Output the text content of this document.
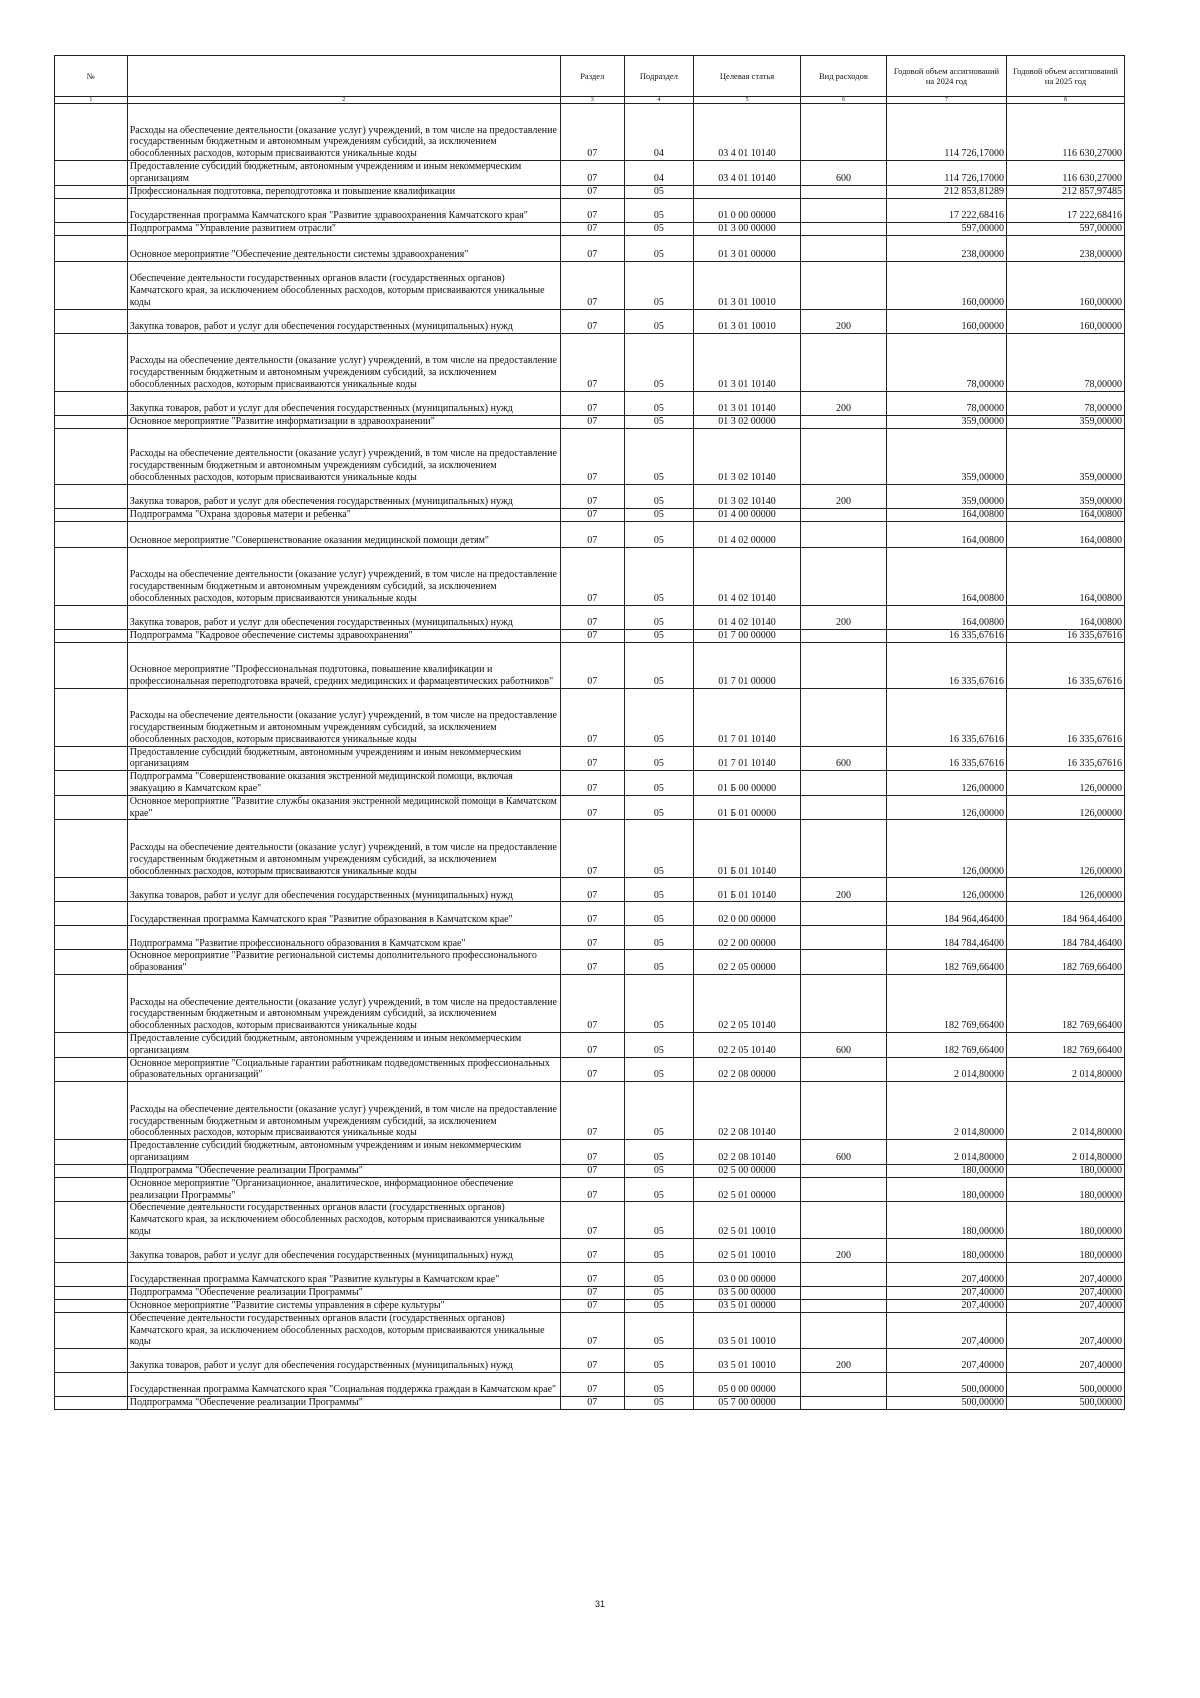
№		Раздел	Подраздел	Целевая статья	Вид расходов	Годовой объем ассигнований на 2024 год	Годовой объем ассигнований на 2025 год
1	2	3	4	5	6	7	8
	Расходы на обеспечение деятельности (оказание услуг) учреждений, в том числе на предоставление государственным бюджетным и автономным учреждениям субсидий, за исключением обособленных расходов, которым присваиваются уникальные коды	07	04	03 4 01 10140		114 726,17000	116 630,27000
	Предоставление субсидий бюджетным, автономным учреждениям и иным некоммерческим организациям	07	04	03 4 01 10140	600	114 726,17000	116 630,27000
	Профессиональная подготовка, переподготовка и повышение квалификации	07	05			212 853,81289	212 857,97485
	Государственная программа Камчатского края "Развитие здравоохранения Камчатского края"	07	05	01 0 00 00000		17 222,68416	17 222,68416
	Подпрограмма "Управление развитием отрасли"	07	05	01 3 00 00000		597,00000	597,00000
	Основное мероприятие "Обеспечение деятельности системы здравоохранения"	07	05	01 3 01 00000		238,00000	238,00000
	Обеспечение деятельности государственных органов власти (государственных органов) Камчатского края, за исключением обособленных расходов, которым присваиваются уникальные коды	07	05	01 3 01 10010		160,00000	160,00000
	Закупка товаров, работ и услуг для обеспечения государственных (муниципальных) нужд	07	05	01 3 01 10010	200	160,00000	160,00000
	Расходы на обеспечение деятельности (оказание услуг) учреждений, в том числе на предоставление государственным бюджетным и автономным учреждениям субсидий, за исключением обособленных расходов, которым присваиваются уникальные коды	07	05	01 3 01 10140		78,00000	78,00000
	Закупка товаров, работ и услуг для обеспечения государственных (муниципальных) нужд	07	05	01 3 01 10140	200	78,00000	78,00000
	Основное мероприятие "Развитие информатизации в здравоохранении"	07	05	01 3 02 00000		359,00000	359,00000
	Расходы на обеспечение деятельности (оказание услуг) учреждений, в том числе на предоставление государственным бюджетным и автономным учреждениям субсидий, за исключением обособленных расходов, которым присваиваются уникальные коды	07	05	01 3 02 10140		359,00000	359,00000
	Закупка товаров, работ и услуг для обеспечения государственных (муниципальных) нужд	07	05	01 3 02 10140	200	359,00000	359,00000
	Подпрограмма "Охрана здоровья матери и ребенка"	07	05	01 4 00 00000		164,00800	164,00800
	Основное мероприятие "Совершенствование оказания медицинской помощи детям"	07	05	01 4 02 00000		164,00800	164,00800
	Расходы на обеспечение деятельности (оказание услуг) учреждений, в том числе на предоставление государственным бюджетным и автономным учреждениям субсидий, за исключением обособленных расходов, которым присваиваются уникальные коды	07	05	01 4 02 10140		164,00800	164,00800
	Закупка товаров, работ и услуг для обеспечения государственных (муниципальных) нужд	07	05	01 4 02 10140	200	164,00800	164,00800
	Подпрограмма "Кадровое обеспечение системы здравоохранения"	07	05	01 7 00 00000		16 335,67616	16 335,67616
	Основное мероприятие "Профессиональная подготовка, повышение квалификации и профессиональная переподготовка врачей, средних медицинских и фармацевтических работников"	07	05	01 7 01 00000		16 335,67616	16 335,67616
	Расходы на обеспечение деятельности (оказание услуг) учреждений, в том числе на предоставление государственным бюджетным и автономным учреждениям субсидий, за исключением обособленных расходов, которым присваиваются уникальные коды	07	05	01 7 01 10140		16 335,67616	16 335,67616
	Предоставление субсидий бюджетным, автономным учреждениям и иным некоммерческим организациям	07	05	01 7 01 10140	600	16 335,67616	16 335,67616
	Подпрограмма "Совершенствование оказания экстренной медицинской помощи, включая эвакуацию в Камчатском крае"	07	05	01 Б 00 00000		126,00000	126,00000
	Основное мероприятие "Развитие службы оказания экстренной медицинской помощи в Камчатском крае"	07	05	01 Б 01 00000		126,00000	126,00000
	Расходы на обеспечение деятельности (оказание услуг) учреждений, в том числе на предоставление государственным бюджетным и автономным учреждениям субсидий, за исключением обособленных расходов, которым присваиваются уникальные коды	07	05	01 Б 01 10140		126,00000	126,00000
	Закупка товаров, работ и услуг для обеспечения государственных (муниципальных) нужд	07	05	01 Б 01 10140	200	126,00000	126,00000
	Государственная программа Камчатского края "Развитие образования в Камчатском крае"	07	05	02 0 00 00000		184 964,46400	184 964,46400
	Подпрограмма "Развитие профессионального образования в Камчатском крае"	07	05	02 2 00 00000		184 784,46400	184 784,46400
	Основное мероприятие "Развитие региональной системы дополнительного профессионального образования"	07	05	02 2 05 00000		182 769,66400	182 769,66400
	Расходы на обеспечение деятельности (оказание услуг) учреждений, в том числе на предоставление государственным бюджетным и автономным учреждениям субсидий, за исключением обособленных расходов, которым присваиваются уникальные коды	07	05	02 2 05 10140		182 769,66400	182 769,66400
	Предоставление субсидий бюджетным, автономным учреждениям и иным некоммерческим организациям	07	05	02 2 05 10140	600	182 769,66400	182 769,66400
	Основное мероприятие "Социальные гарантии работникам подведомственных профессиональных образовательных организаций"	07	05	02 2 08 00000		2 014,80000	2 014,80000
	Расходы на обеспечение деятельности (оказание услуг) учреждений, в том числе на предоставление государственным бюджетным и автономным учреждениям субсидий, за исключением обособленных расходов, которым присваиваются уникальные коды	07	05	02 2 08 10140		2 014,80000	2 014,80000
	Предоставление субсидий бюджетным, автономным учреждениям и иным некоммерческим организациям	07	05	02 2 08 10140	600	2 014,80000	2 014,80000
	Подпрограмма "Обеспечение реализации Программы"	07	05	02 5 00 00000		180,00000	180,00000
	Основное мероприятие "Организационное, аналитическое, информационное обеспечение реализации Программы"	07	05	02 5 01 00000		180,00000	180,00000
	Обеспечение деятельности государственных органов власти (государственных органов) Камчатского края, за исключением обособленных расходов, которым присваиваются уникальные коды	07	05	02 5 01 10010		180,00000	180,00000
	Закупка товаров, работ и услуг для обеспечения государственных (муниципальных) нужд	07	05	02 5 01 10010	200	180,00000	180,00000
	Государственная программа Камчатского края "Развитие культуры в Камчатском крае"	07	05	03 0 00 00000		207,40000	207,40000
	Подпрограмма "Обеспечение реализации Программы"	07	05	03 5 00 00000		207,40000	207,40000
	Основное мероприятие "Развитие системы управления в сфере культуры"	07	05	03 5 01 00000		207,40000	207,40000
	Обеспечение деятельности государственных органов власти (государственных органов) Камчатского края, за исключением обособленных расходов, которым присваиваются уникальные коды	07	05	03 5 01 10010		207,40000	207,40000
	Закупка товаров, работ и услуг для обеспечения государственных (муниципальных) нужд	07	05	03 5 01 10010	200	207,40000	207,40000
	Государственная программа Камчатского края "Социальная поддержка граждан в Камчатском крае"	07	05	05 0 00 00000		500,00000	500,00000
	Подпрограмма "Обеспечение реализации Программы"	07	05	05 7 00 00000		500,00000	500,00000
31
